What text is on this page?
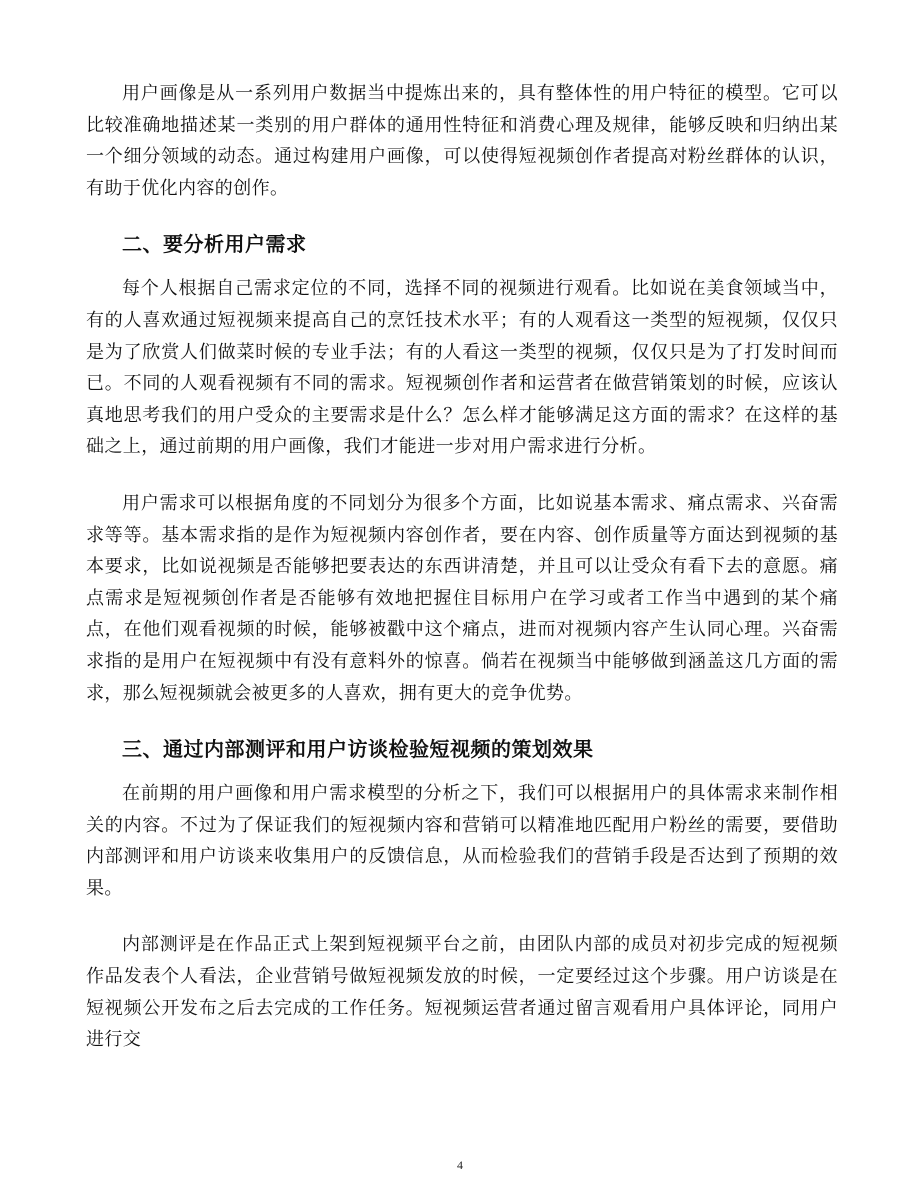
用户画像是从一系列用户数据当中提炼出来的，具有整体性的用户特征的模型。它可以比较准确地描述某一类别的用户群体的通用性特征和消费心理及规律，能够反映和归纳出某一个细分领域的动态。通过构建用户画像，可以使得短视频创作者提高对粉丝群体的认识，有助于优化内容的创作。

二、要分析用户需求

每个人根据自己需求定位的不同，选择不同的视频进行观看。比如说在美食领域当中，有的人喜欢通过短视频来提高自己的烹饪技术水平；有的人观看这一类型的短视频，仅仅只是为了欣赏人们做菜时候的专业手法；有的人看这一类型的视频，仅仅只是为了打发时间而已。不同的人观看视频有不同的需求。短视频创作者和运营者在做营销策划的时候，应该认真地思考我们的用户受众的主要需求是什么？怎么样才能够满足这方面的需求？在这样的基础之上，通过前期的用户画像，我们才能进一步对用户需求进行分析。

用户需求可以根据角度的不同划分为很多个方面，比如说基本需求、痛点需求、兴奋需求等等。基本需求指的是作为短视频内容创作者，要在内容、创作质量等方面达到视频的基本要求，比如说视频是否能够把要表达的东西讲清楚，并且可以让受众有看下去的意愿。痛点需求是短视频创作者是否能够有效地把握住目标用户在学习或者工作当中遇到的某个痛点，在他们观看视频的时候，能够被戳中这个痛点，进而对视频内容产生认同心理。兴奋需求指的是用户在短视频中有没有意料外的惊喜。倘若在视频当中能够做到涵盖这几方面的需求，那么短视频就会被更多的人喜欢，拥有更大的竞争优势。

三、通过内部测评和用户访谈检验短视频的策划效果

在前期的用户画像和用户需求模型的分析之下，我们可以根据用户的具体需求来制作相关的内容。不过为了保证我们的短视频内容和营销可以精准地匹配用户粉丝的需要，要借助内部测评和用户访谈来收集用户的反馈信息，从而检验我们的营销手段是否达到了预期的效果。

内部测评是在作品正式上架到短视频平台之前，由团队内部的成员对初步完成的短视频作品发表个人看法，企业营销号做短视频发放的时候，一定要经过这个步骤。用户访谈是在短视频公开发布之后去完成的工作任务。短视频运营者通过留言观看用户具体评论，同用户进行交

4
